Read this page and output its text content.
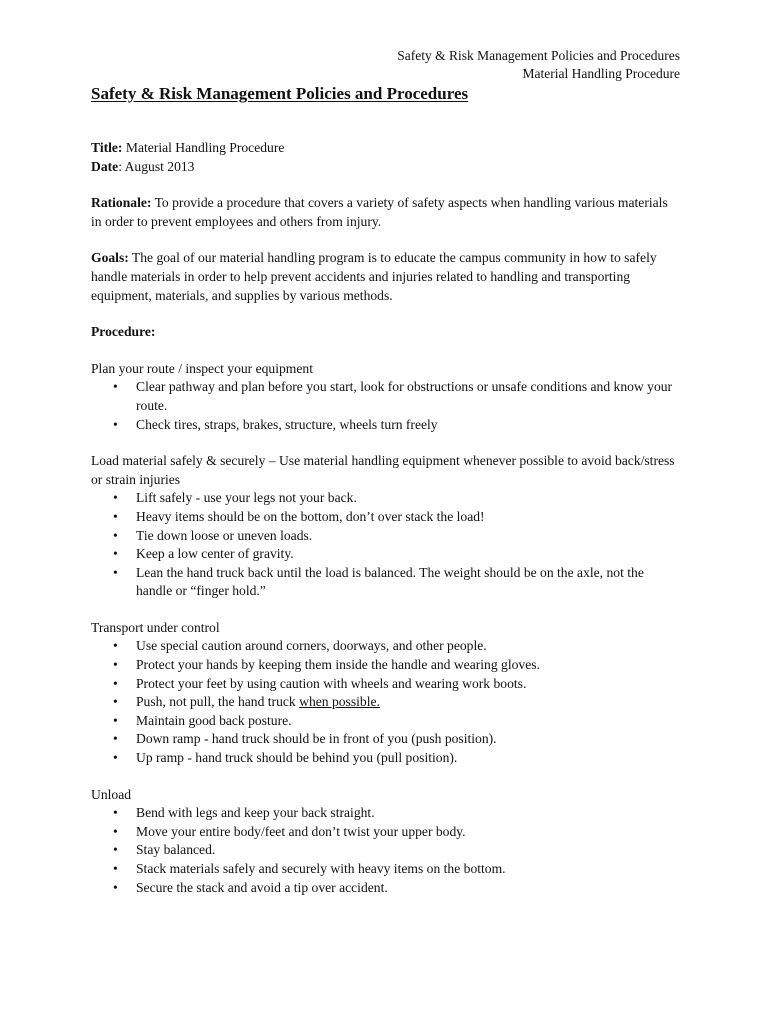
Safety & Risk Management Policies and Procedures
Material Handling Procedure
Safety & Risk Management Policies and Procedures

Title: Material Handling Procedure

Date: August 2013

Rationale: To provide a procedure that covers a variety of safety aspects when handling various materials in order to prevent employees and others from injury.

Goals: The goal of our material handling program is to educate the campus community in how to safely handle materials in order to help prevent accidents and injuries related to handling and transporting equipment, materials, and supplies by various methods.

Procedure:

Plan your route / inspect your equipment

• Clear pathway and plan before you start, look for obstructions or unsafe conditions and know your route.
• Check tires, straps, brakes, structure, wheels turn freely

Load material safely & securely – Use material handling equipment whenever possible to avoid back/stress or strain injuries

• Lift safely - use your legs not your back.
• Heavy items should be on the bottom, don’t over stack the load!
• Tie down loose or uneven loads.
• Keep a low center of gravity.
• Lean the hand truck back until the load is balanced. The weight should be on the axle, not the handle or “finger hold.”

Transport under control

• Use special caution around corners, doorways, and other people.
• Protect your hands by keeping them inside the handle and wearing gloves.
• Protect your feet by using caution with wheels and wearing work boots.
• Push, not pull, the hand truck when possible.
• Maintain good back posture.
• Down ramp - hand truck should be in front of you (push position).
• Up ramp - hand truck should be behind you (pull position).

Unload

• Bend with legs and keep your back straight.
• Move your entire body/feet and don’t twist your upper body.
• Stay balanced.
• Stack materials safely and securely with heavy items on the bottom.
• Secure the stack and avoid a tip over accident.
